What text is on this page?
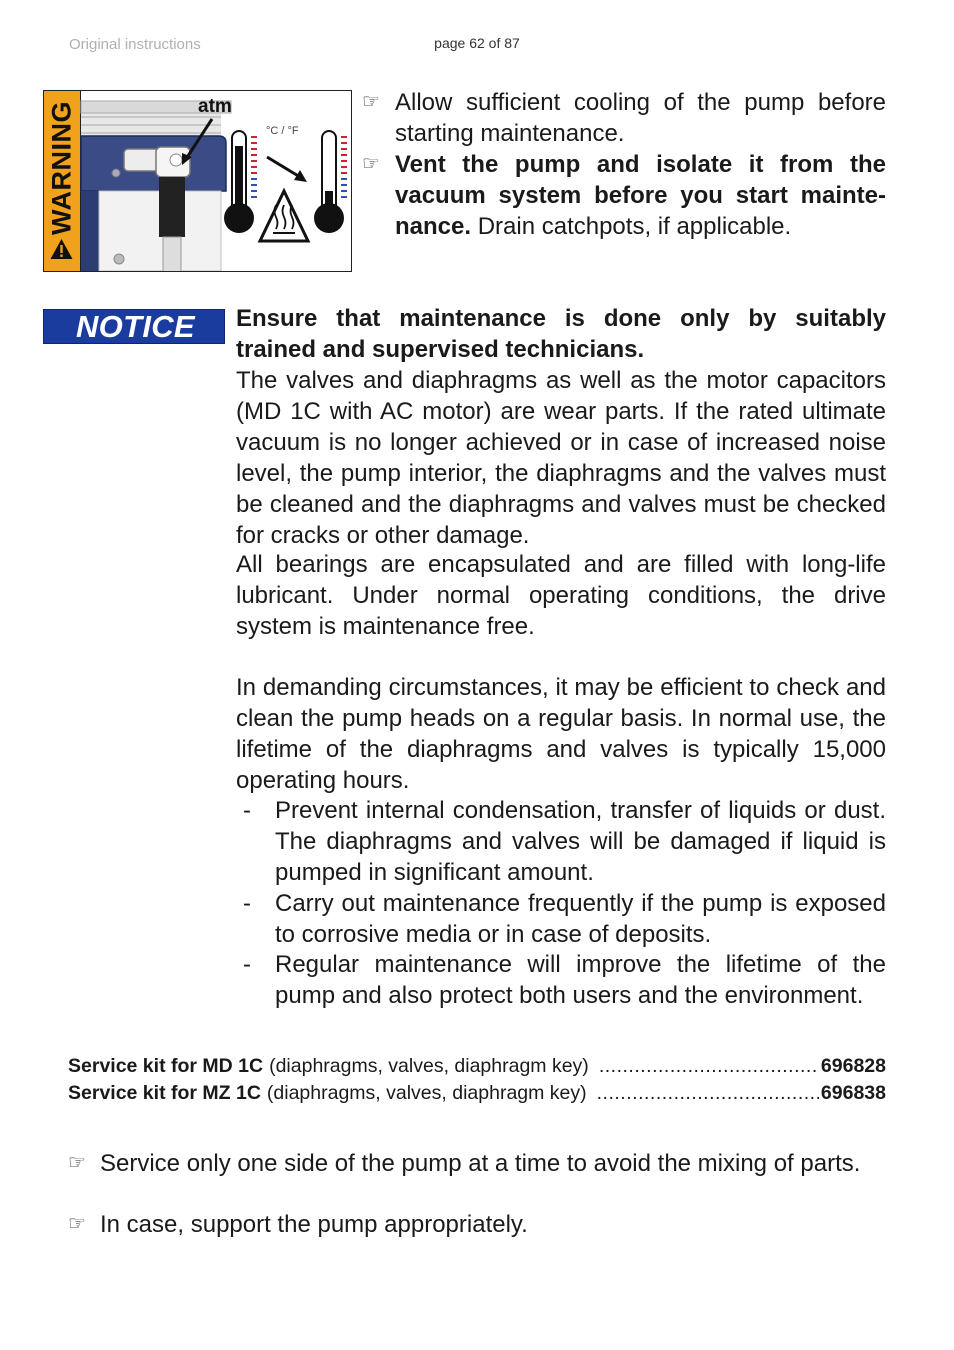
Original instructions	page 62 of 87
WARNING	atm
°C / °F
☞ Allow sufficient cooling of the pump before starting maintenance.
☞ Vent the pump and isolate it from the vacuum system before you start maintenance. Drain catchpots, if applicable.
NOTICE	Ensure that maintenance is done only by suitably trained and supervised technicians.
The valves and diaphragms as well as the motor capacitors (MD 1C with AC motor) are wear parts. If the rated ultimate vacuum is no longer achieved or in case of increased noise level, the pump interior, the diaphragms and the valves must be cleaned and the diaphragms and valves must be checked for cracks or other damage.
All bearings are encapsulated and are filled with long-life lubricant. Under normal operating conditions, the drive system is maintenance free.
In demanding circumstances, it may be efficient to check and clean the pump heads on a regular basis. In normal use, the lifetime of the diaphragms and valves is typically 15,000 operating hours.
- Prevent internal condensation, transfer of liquids or dust. The diaphragms and valves will be damaged if liquid is pumped in significant amount.
- Carry out maintenance frequently if the pump is exposed to corrosive media or in case of deposits.
- Regular maintenance will improve the lifetime of the pump and also protect both users and the environment.
Service kit for MD 1C (diaphragms, valves, diaphragm key) .....	696828
Service kit for MZ 1C (diaphragms, valves, diaphragm key) .....	696838
☞ Service only one side of the pump at a time to avoid the mixing of parts.
☞ In case, support the pump appropriately.
